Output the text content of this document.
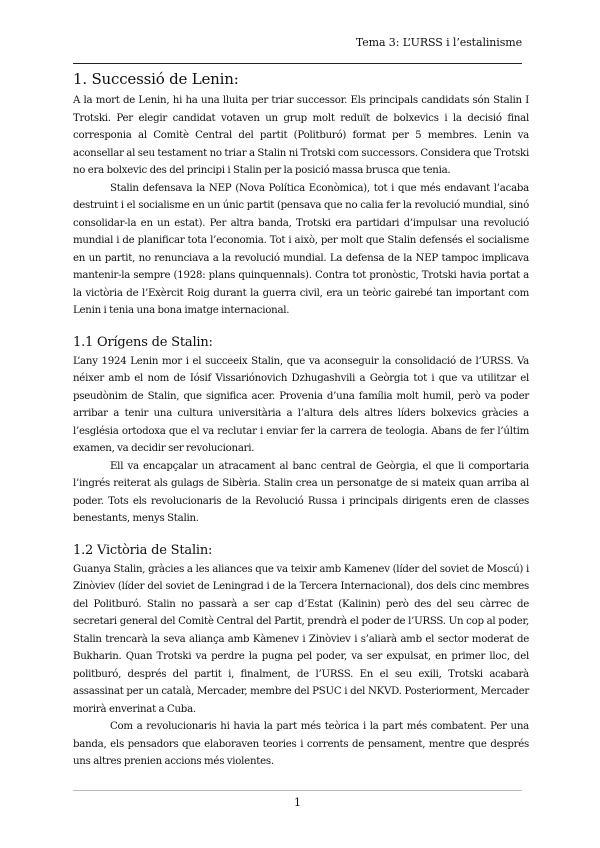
Tema 3: L’URSS i l’estalinisme
1. Successió de Lenin:

A la mort de Lenin, hi ha una lluita per triar successor. Els principals candidats són Stalin I Trotski. Per elegir candidat votaven un grup molt reduït de bolxevics i la decisió final corresponia al Comitè Central del partit (Politburó) format per 5 membres. Lenin va aconsellar al seu testament no triar a Stalin ni Trotski com successors. Considera que Trotski no era bolxevic des del principi i Stalin per la posició massa brusca que tenia.

Stalin defensava la NEP (Nova Política Econòmica), tot i que més endavant l’acaba destruint i el socialisme en un únic partit (pensava que no calia fer la revolució mundial, sinó consolidar-la en un estat). Per altra banda, Trotski era partidari d’impulsar una revolució mundial i de planificar tota l’economia. Tot i això, per molt que Stalin defensés el socialisme en un partit, no renunciava a la revolució mundial. La defensa de la NEP tampoc implicava mantenir-la sempre (1928: plans quinquennals). Contra tot pronòstic, Trotski havia portat a la victòria de l’Exèrcit Roig durant la guerra civil, era un teòric gairebé tan important com Lenin i tenia una bona imatge internacional.

1.1 Orígens de Stalin:

L’any 1924 Lenin mor i el succeeix Stalin, que va aconseguir la consolidació de l’URSS. Va néixer amb el nom de Iósif Vissariónovich Dzhugashvili a Geòrgia tot i que va utilitzar el pseudònim de Stalin, que significa acer. Provenia d’una família molt humil, però va poder arribar a tenir una cultura universitària a l’altura dels altres líders bolxevics gràcies a l’església ortodoxa que el va reclutar i enviar fer la carrera de teologia. Abans de fer l’últim examen, va decidir ser revolucionari.

Ell va encapçalar un atracament al banc central de Geòrgia, el que li comportaria l’ingrés reiterat als gulags de Sibèria. Stalin crea un personatge de si mateix quan arriba al poder. Tots els revolucionaris de la Revolució Russa i principals dirigents eren de classes benestants, menys Stalin.

1.2 Victòria de Stalin:

Guanya Stalin, gràcies a les aliances que va teixir amb Kamenev (líder del soviet de Moscú) i Zinòviev (líder del soviet de Leningrad i de la Tercera Internacional), dos dels cinc membres del Politburó. Stalin no passarà a ser cap d’Estat (Kalinin) però des del seu càrrec de secretari general del Comitè Central del Partit, prendrà el poder de l’URSS. Un cop al poder, Stalin trencarà la seva aliança amb Kàmenev i Zinòviev i s’aliarà amb el sector moderat de Bukharin. Quan Trotski va perdre la pugna pel poder, va ser expulsat, en primer lloc, del politburó, després del partit i, finalment, de l’URSS. En el seu exili, Trotski acabarà assassinat per un català, Mercader, membre del PSUC i del NKVD. Posteriorment, Mercader morirà enverinat a Cuba.

Com a revolucionaris hi havia la part més teòrica i la part més combatent. Per una banda, els pensadors que elaboraven teories i corrents de pensament, mentre que després uns altres prenien accions més violentes.

1
